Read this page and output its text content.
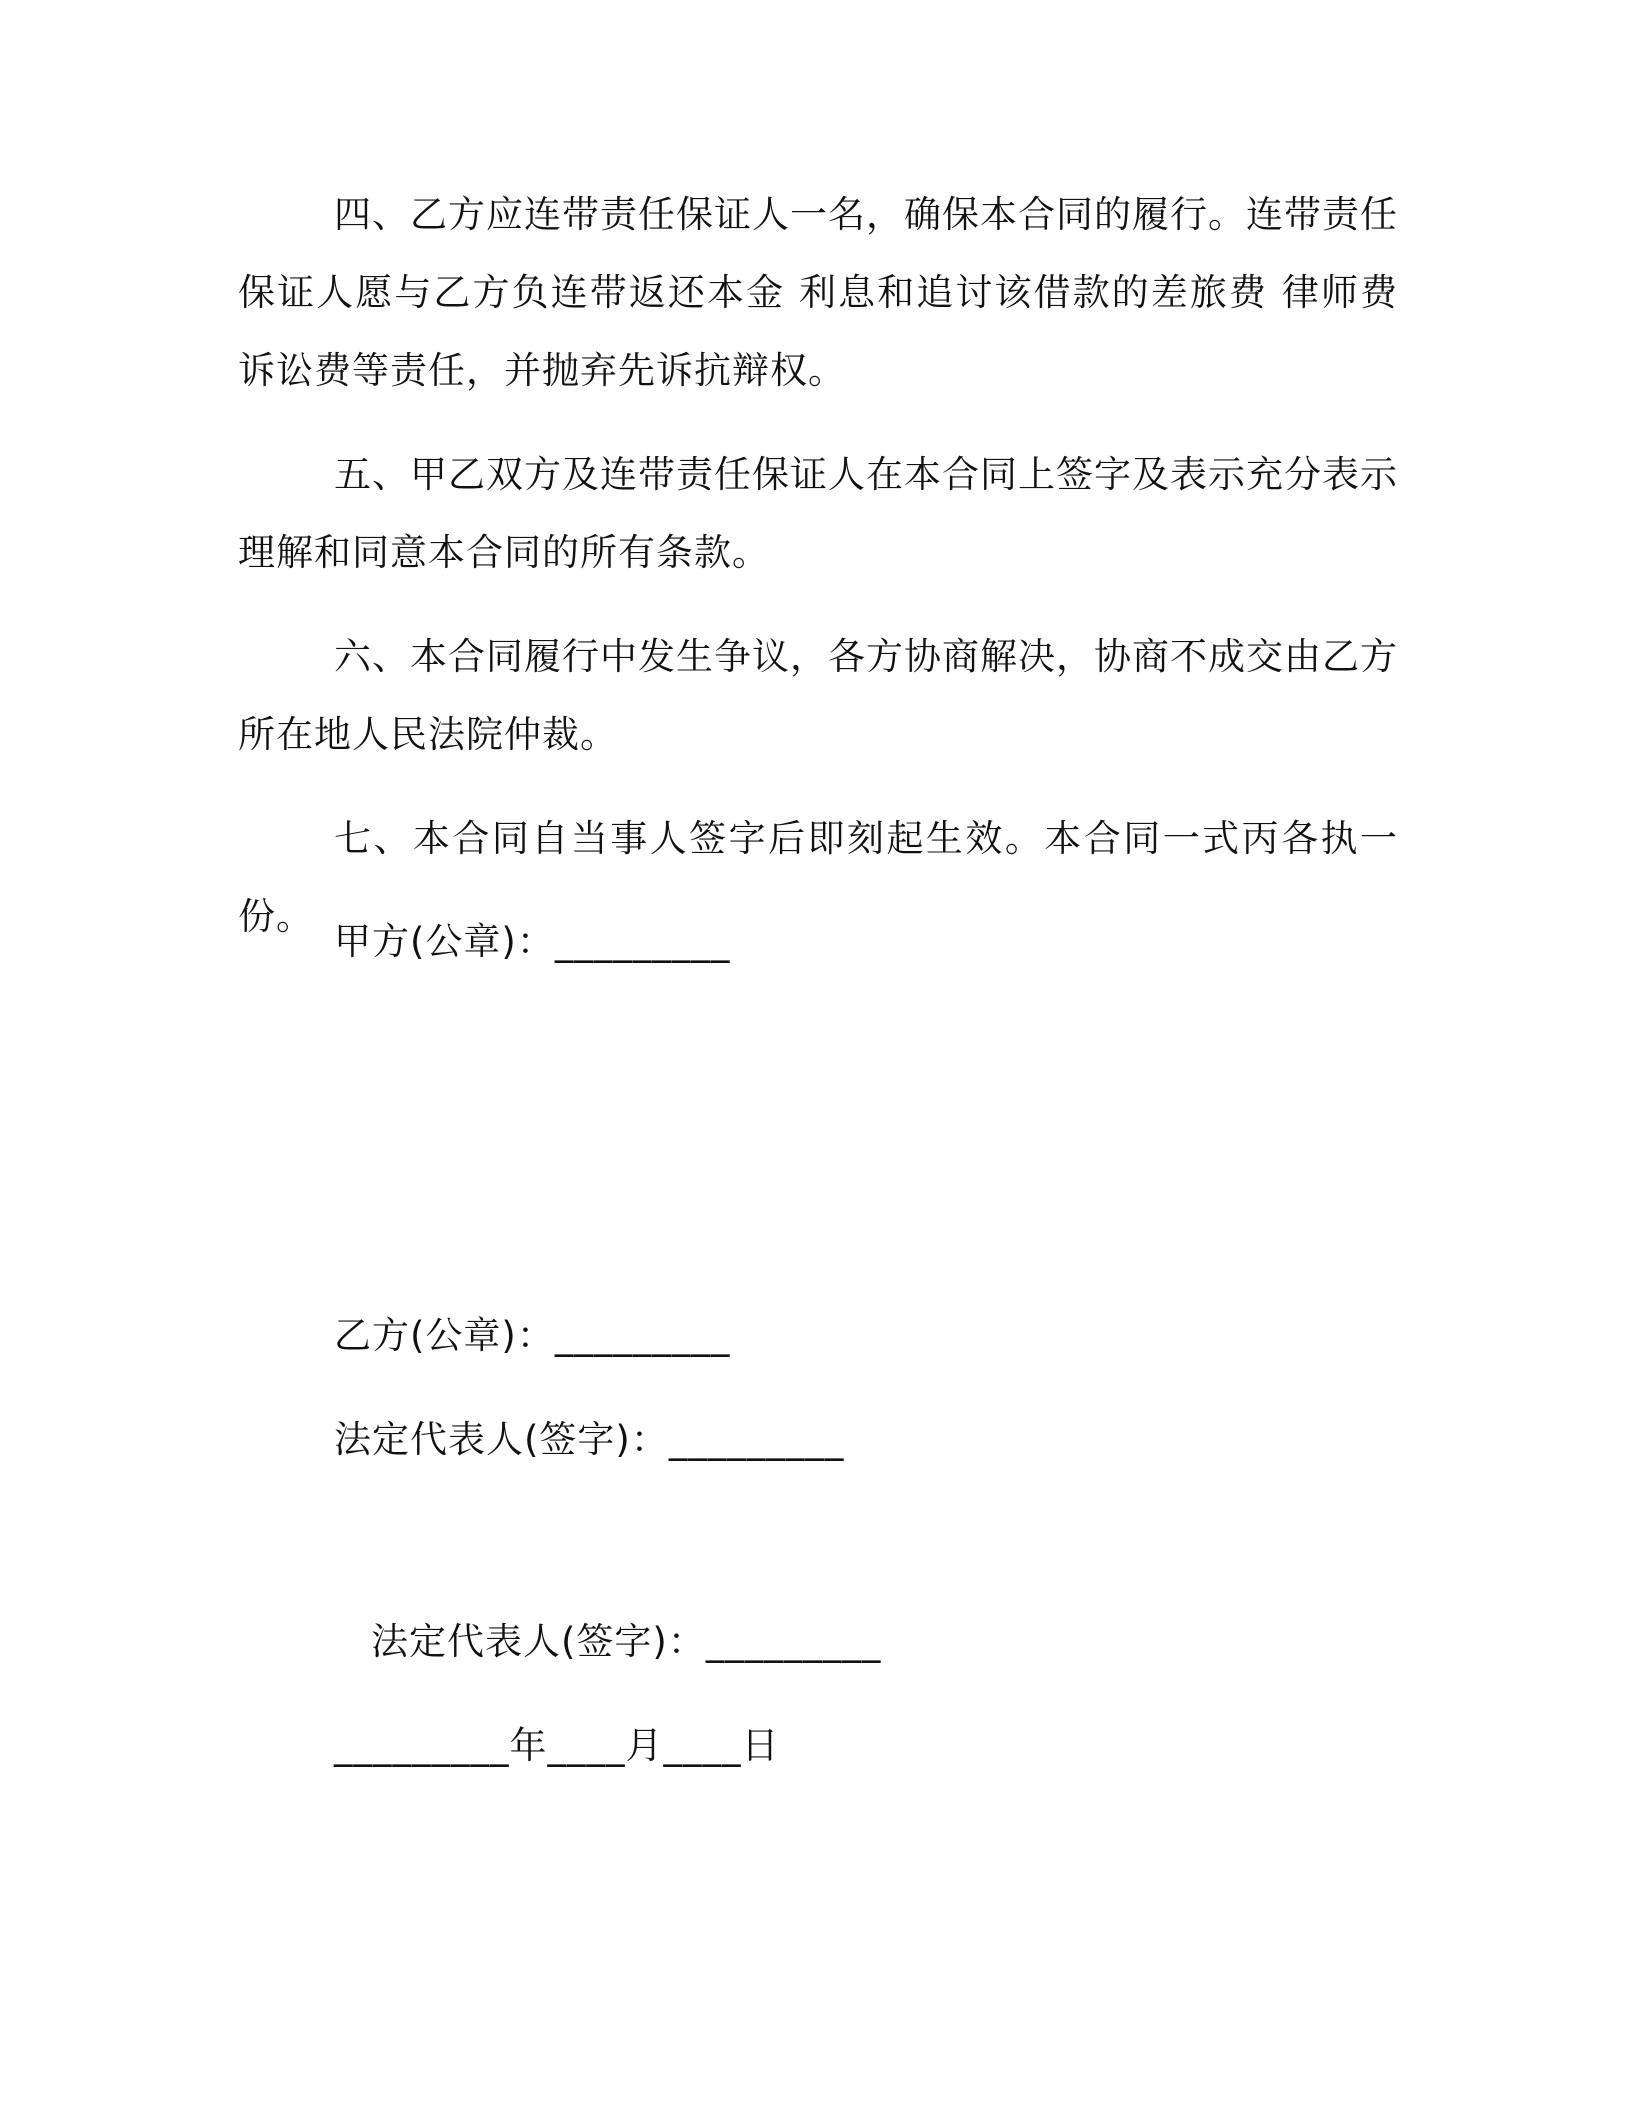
四、乙方应连带责任保证人一名，确保本合同的履行。连带责任保证人愿与乙方负连带返还本金 利息和追讨该借款的差旅费 律师费 诉讼费等责任，并抛弃先诉抗辩权。

五、甲乙双方及连带责任保证人在本合同上签字及表示充分表示理解和同意本合同的所有条款。

六、本合同履行中发生争议，各方协商解决，协商不成交由乙方所在地人民法院仲裁。

七、本合同自当事人签字后即刻起生效。本合同一式丙各执一份。

甲方(公章)：_________

乙方(公章)：_________

法定代表人(签字)：_________

法定代表人(签字)：_________

_________年____月____日
